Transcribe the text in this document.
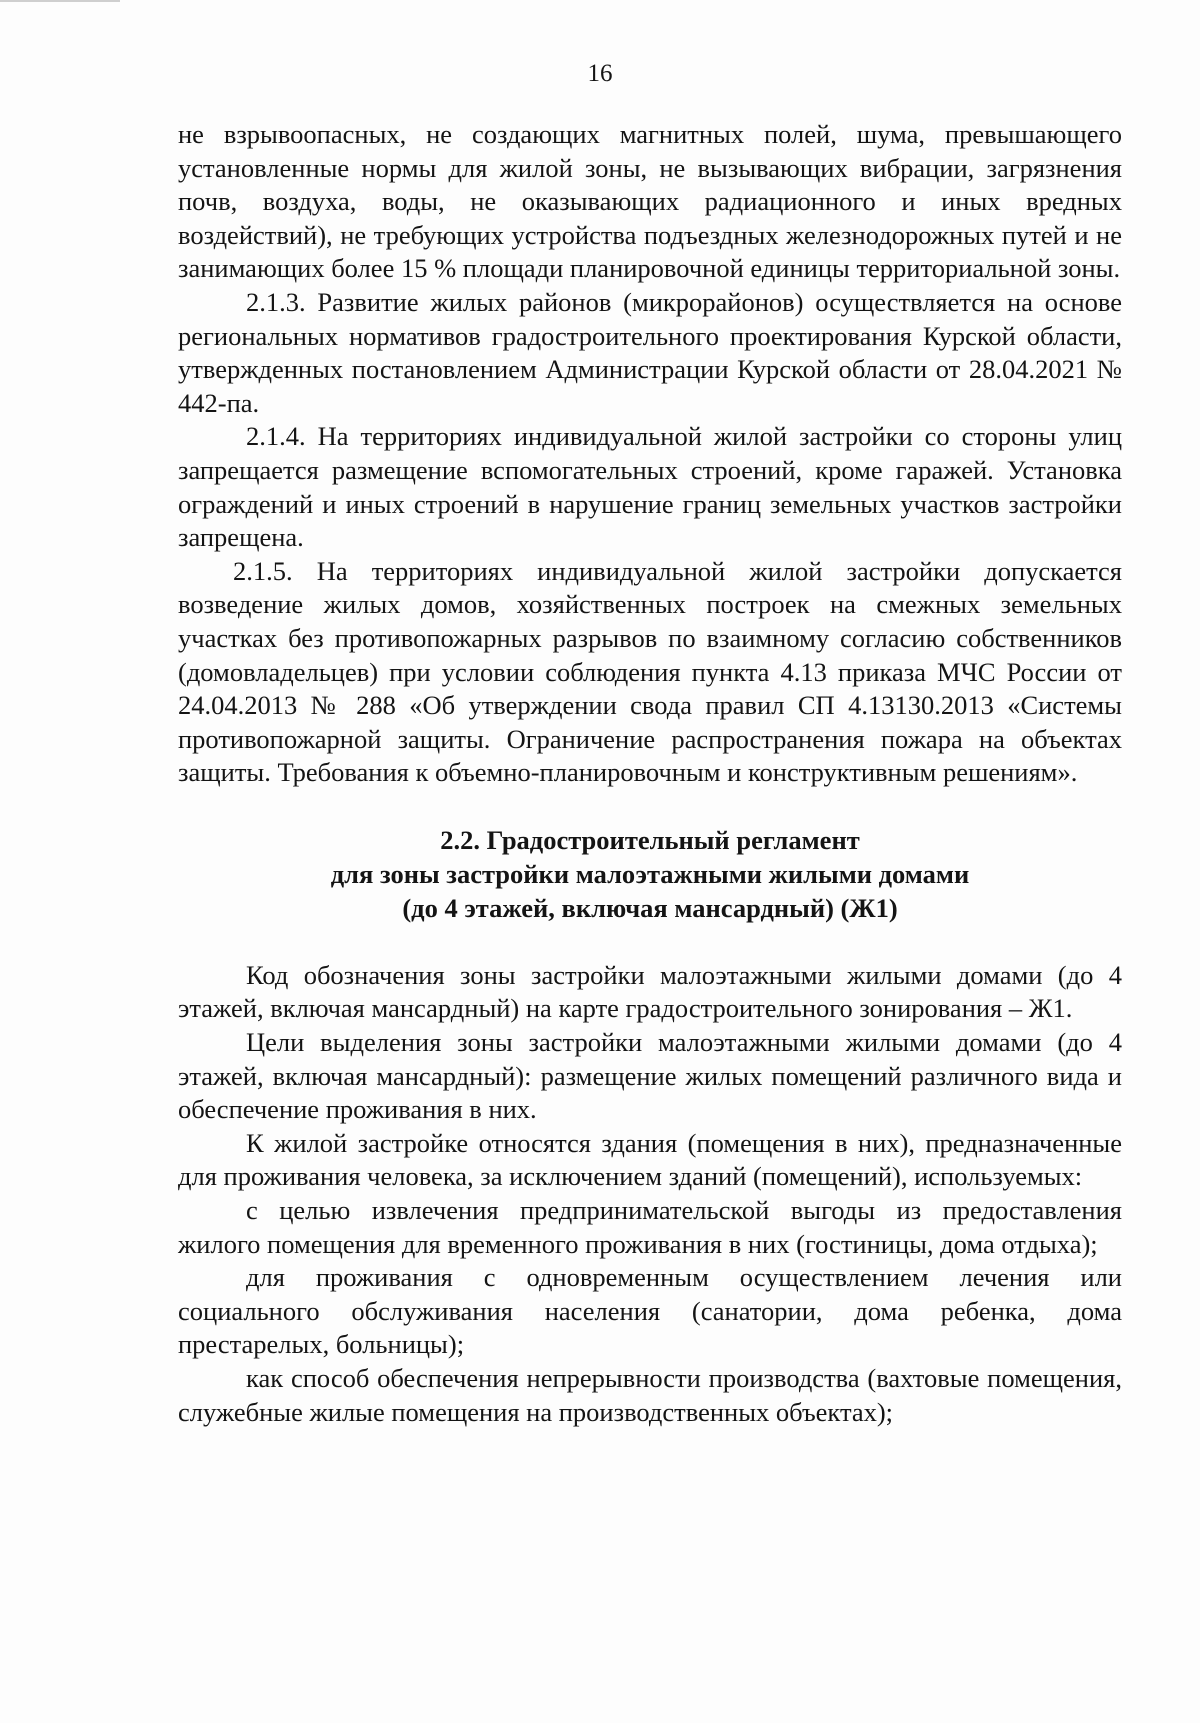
16

не взрывоопасных, не создающих магнитных полей, шума, превышающего установленные нормы для жилой зоны, не вызывающих вибрации, загрязнения почв, воздуха, воды, не оказывающих радиационного и иных вредных воздействий), не требующих устройства подъездных железнодорожных путей и не занимающих более 15 % площади планировочной единицы территориальной зоны.

2.1.3. Развитие жилых районов (микрорайонов) осуществляется на основе региональных нормативов градостроительного проектирования Курской области, утвержденных постановлением Администрации Курской области от 28.04.2021 № 442-па.

2.1.4. На территориях индивидуальной жилой застройки со стороны улиц запрещается размещение вспомогательных строений, кроме гаражей. Установка ограждений и иных строений в нарушение границ земельных участков застройки запрещена.

2.1.5. На территориях индивидуальной жилой застройки допускается возведение жилых домов, хозяйственных построек на смежных земельных участках без противопожарных разрывов по взаимному согласию собственников (домовладельцев) при условии соблюдения пункта 4.13 приказа МЧС России от 24.04.2013 № 288 «Об утверждении свода правил СП 4.13130.2013 «Системы противопожарной защиты. Ограничение распространения пожара на объектах защиты. Требования к объемно-планировочным и конструктивным решениям».

2.2. Градостроительный регламент
для зоны застройки малоэтажными жилыми домами
(до 4 этажей, включая мансардный) (Ж1)

Код обозначения зоны застройки малоэтажными жилыми домами (до 4 этажей, включая мансардный) на карте градостроительного зонирования – Ж1.

Цели выделения зоны застройки малоэтажными жилыми домами (до 4 этажей, включая мансардный): размещение жилых помещений различного вида и обеспечение проживания в них.

К жилой застройке относятся здания (помещения в них), предназначенные для проживания человека, за исключением зданий (помещений), используемых:

с целью извлечения предпринимательской выгоды из предоставления жилого помещения для временного проживания в них (гостиницы, дома отдыха);

для проживания с одновременным осуществлением лечения или социального обслуживания населения (санатории, дома ребенка, дома престарелых, больницы);

как способ обеспечения непрерывности производства (вахтовые помещения, служебные жилые помещения на производственных объектах);
